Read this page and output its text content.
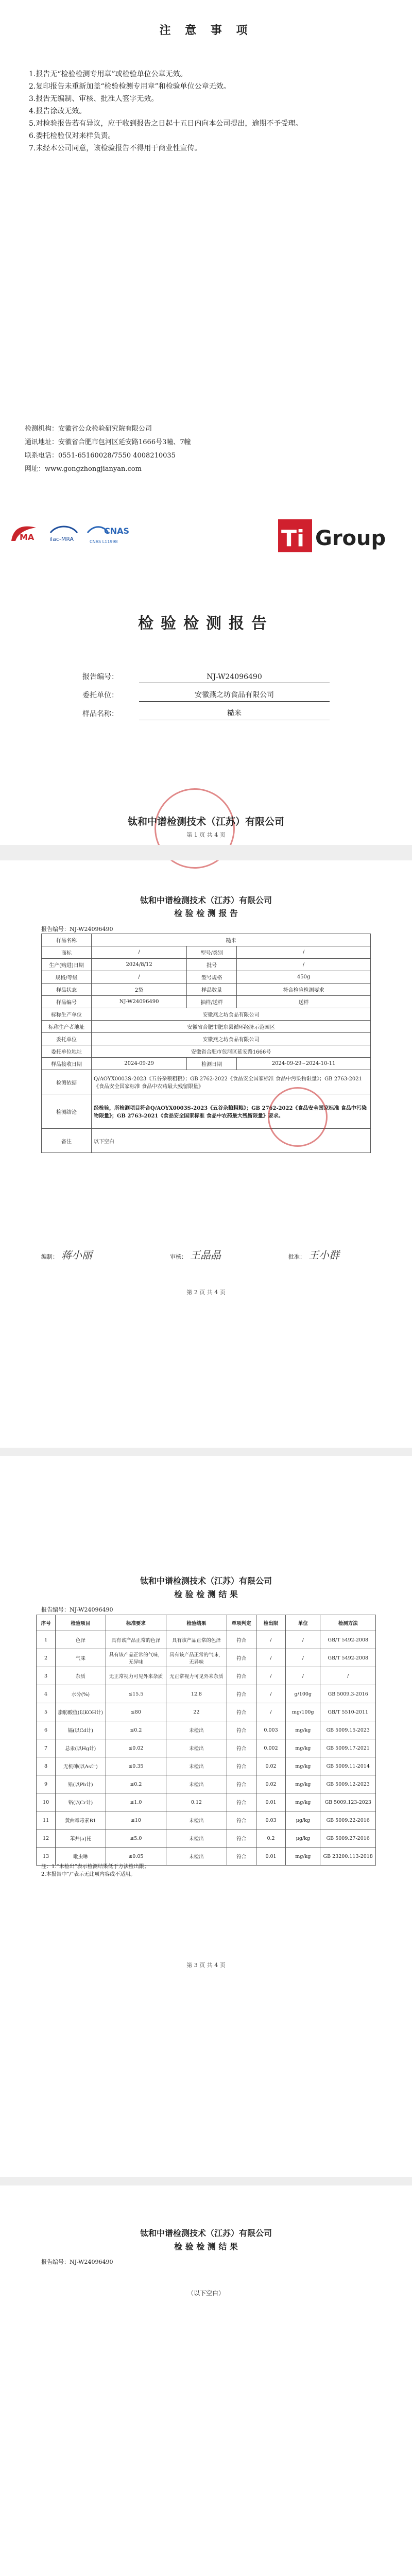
注 意 事 项
1.报告无“检验检测专用章”或检验单位公章无效。
2.复印报告未重新加盖“检验检测专用章”和检验单位公章无效。
3.报告无编制、审核、批准人签字无效。
4.报告涂改无效。
5.对检验报告若有异议，应于收到报告之日起十五日内向本公司提出，逾期不予受理。
6.委托检验仅对来样负责。
7.未经本公司同意，该检验报告不得用于商业性宣传。
检测机构：安徽省公众检验研究院有限公司
通讯地址：安徽省合肥市包河区延安路1666号3幢、7幢
联系电话：0551-65160028/7550 4008210035
网址：www.gongzhongjianyan.com
MA	ilac-MRA
CNAS
CNAS L11998	Ti Group
检验检测报告
报告编号：	NJ-W24096490
委托单位：	安徽燕之坊食品有限公司
样品名称：	糙米
钛和中谱检测技术（江苏）有限公司
第 1 页 共 4 页
钛和中谱检测技术（江苏）有限公司
检 验 检 测 报 告
报告编号：NJ-W24096490
样品名称	糙米		
商标	/	型号/类别	/
生产(购进)日期	2024/8/12	批号	/
规格/等级	/	型号规格	450g
样品状态	2袋	样品数量	符合检验检测要求
样品编号	NJ-W24096490	抽样/送样	送样
标称生产单位	安徽燕之坊食品有限公司		
标称生产者地址	安徽省合肥市肥东县循环经济示范园区		
委托单位	安徽燕之坊食品有限公司		
委托单位地址	安徽省合肥市包河区延安路1666号		
样品接收日期	2024-09-29	检测日期	2024-09-29~2024-10-11
检测依据	Q/AOYX0003S-2023《五谷杂粮粗粮》；GB 2762-2022《食品安全国家标准 食品中污染物限量》；GB 2763-2021《食品安全国家标准 食品中农药最大残留限量》		
检测结论	经检验，所检测项目符合Q/AOYX0003S-2023《五谷杂粮粗粮》；GB 2762-2022《食品安全国家标准 食品中污染物限量》；GB 2763-2021《食品安全国家标准 食品中农药最大残留限量》要求。		
备注	以下空白		
编制： 蒋小丽	审核： 王晶晶	批准： 王小群
第 2 页 共 4 页
钛和中谱检测技术（江苏）有限公司
检 验 检 测 结 果
报告编号：NJ-W24096490
序号	检验项目	标准要求	检验结果	单项判定	检出限	单位	检测方法
1	色泽	具有该产品正常的色泽	具有该产品正常的色泽	符合	/	/	GB/T 5492-2008
2	气味	具有该产品正常的气味，无异味	具有该产品正常的气味，无异味	符合	/	/	GB/T 5492-2008
3	杂质	无正常视力可见外来杂质	无正常视力可见外来杂质	符合	/	/	/
4	水分(%)	≤15.5	12.8	符合	/	g/100g	GB 5009.3-2016
5	脂肪酸值(以KOH计)	≤80	22	符合	/	mg/100g	GB/T 5510-2011
6	镉(以Cd计)	≤0.2	未检出	符合	0.003	mg/kg	GB 5009.15-2023
7	总汞(以Hg计)	≤0.02	未检出	符合	0.002	mg/kg	GB 5009.17-2021
8	无机砷(以As计)	≤0.35	未检出	符合	0.02	mg/kg	GB 5009.11-2014
9	铅(以Pb计)	≤0.2	未检出	符合	0.02	mg/kg	GB 5009.12-2023
10	铬(以Cr计)	≤1.0	0.12	符合	0.01	mg/kg	GB 5009.123-2023
11	黄曲霉毒素B1	≤10	未检出	符合	0.03	μg/kg	GB 5009.22-2016
12	苯并[a]芘	≤5.0	未检出	符合	0.2	μg/kg	GB 5009.27-2016
13	吡虫啉	≤0.05	未检出	符合	0.01	mg/kg	GB 23200.113-2018
注：1.“未检出”表示检测结果低于方法检出限；
2.本报告中“/”表示无此项内容或不适用。
第 3 页 共 4 页
钛和中谱检测技术（江苏）有限公司
检 验 检 测 结 果
报告编号：NJ-W24096490
（以下空白）
